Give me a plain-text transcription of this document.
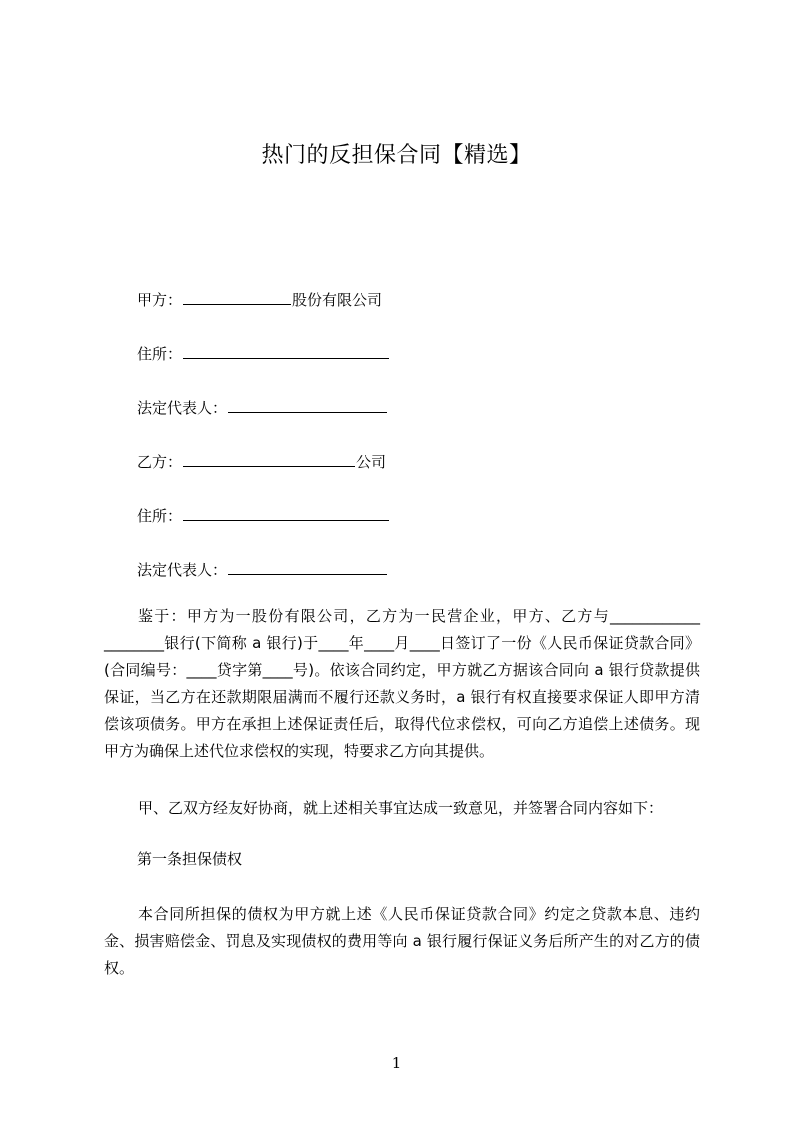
热门的反担保合同【精选】
甲方：	股份有限公司
住所：
法定代表人：
乙方：	公司
住所：
法定代表人：

鉴于：甲方为一股份有限公司，乙方为一民营企业，甲方、乙方与____________ ________银行(下简称 a 银行)于____年____月____日签订了一份《人民币保证贷款合同》(合同编号：____贷字第____号)。依该合同约定，甲方就乙方据该合同向 a 银行贷款提供保证，当乙方在还款期限届满而不履行还款义务时，a 银行有权直接要求保证人即甲方清偿该项债务。甲方在承担上述保证责任后，取得代位求偿权，可向乙方追偿上述债务。现甲方为确保上述代位求偿权的实现，特要求乙方向其提供。

甲、乙双方经友好协商，就上述相关事宜达成一致意见，并签署合同内容如下：

第一条担保债权

本合同所担保的债权为甲方就上述《人民币保证贷款合同》约定之贷款本息、违约金、损害赔偿金、罚息及实现债权的费用等向 a 银行履行保证义务后所产生的对乙方的债权。

1
